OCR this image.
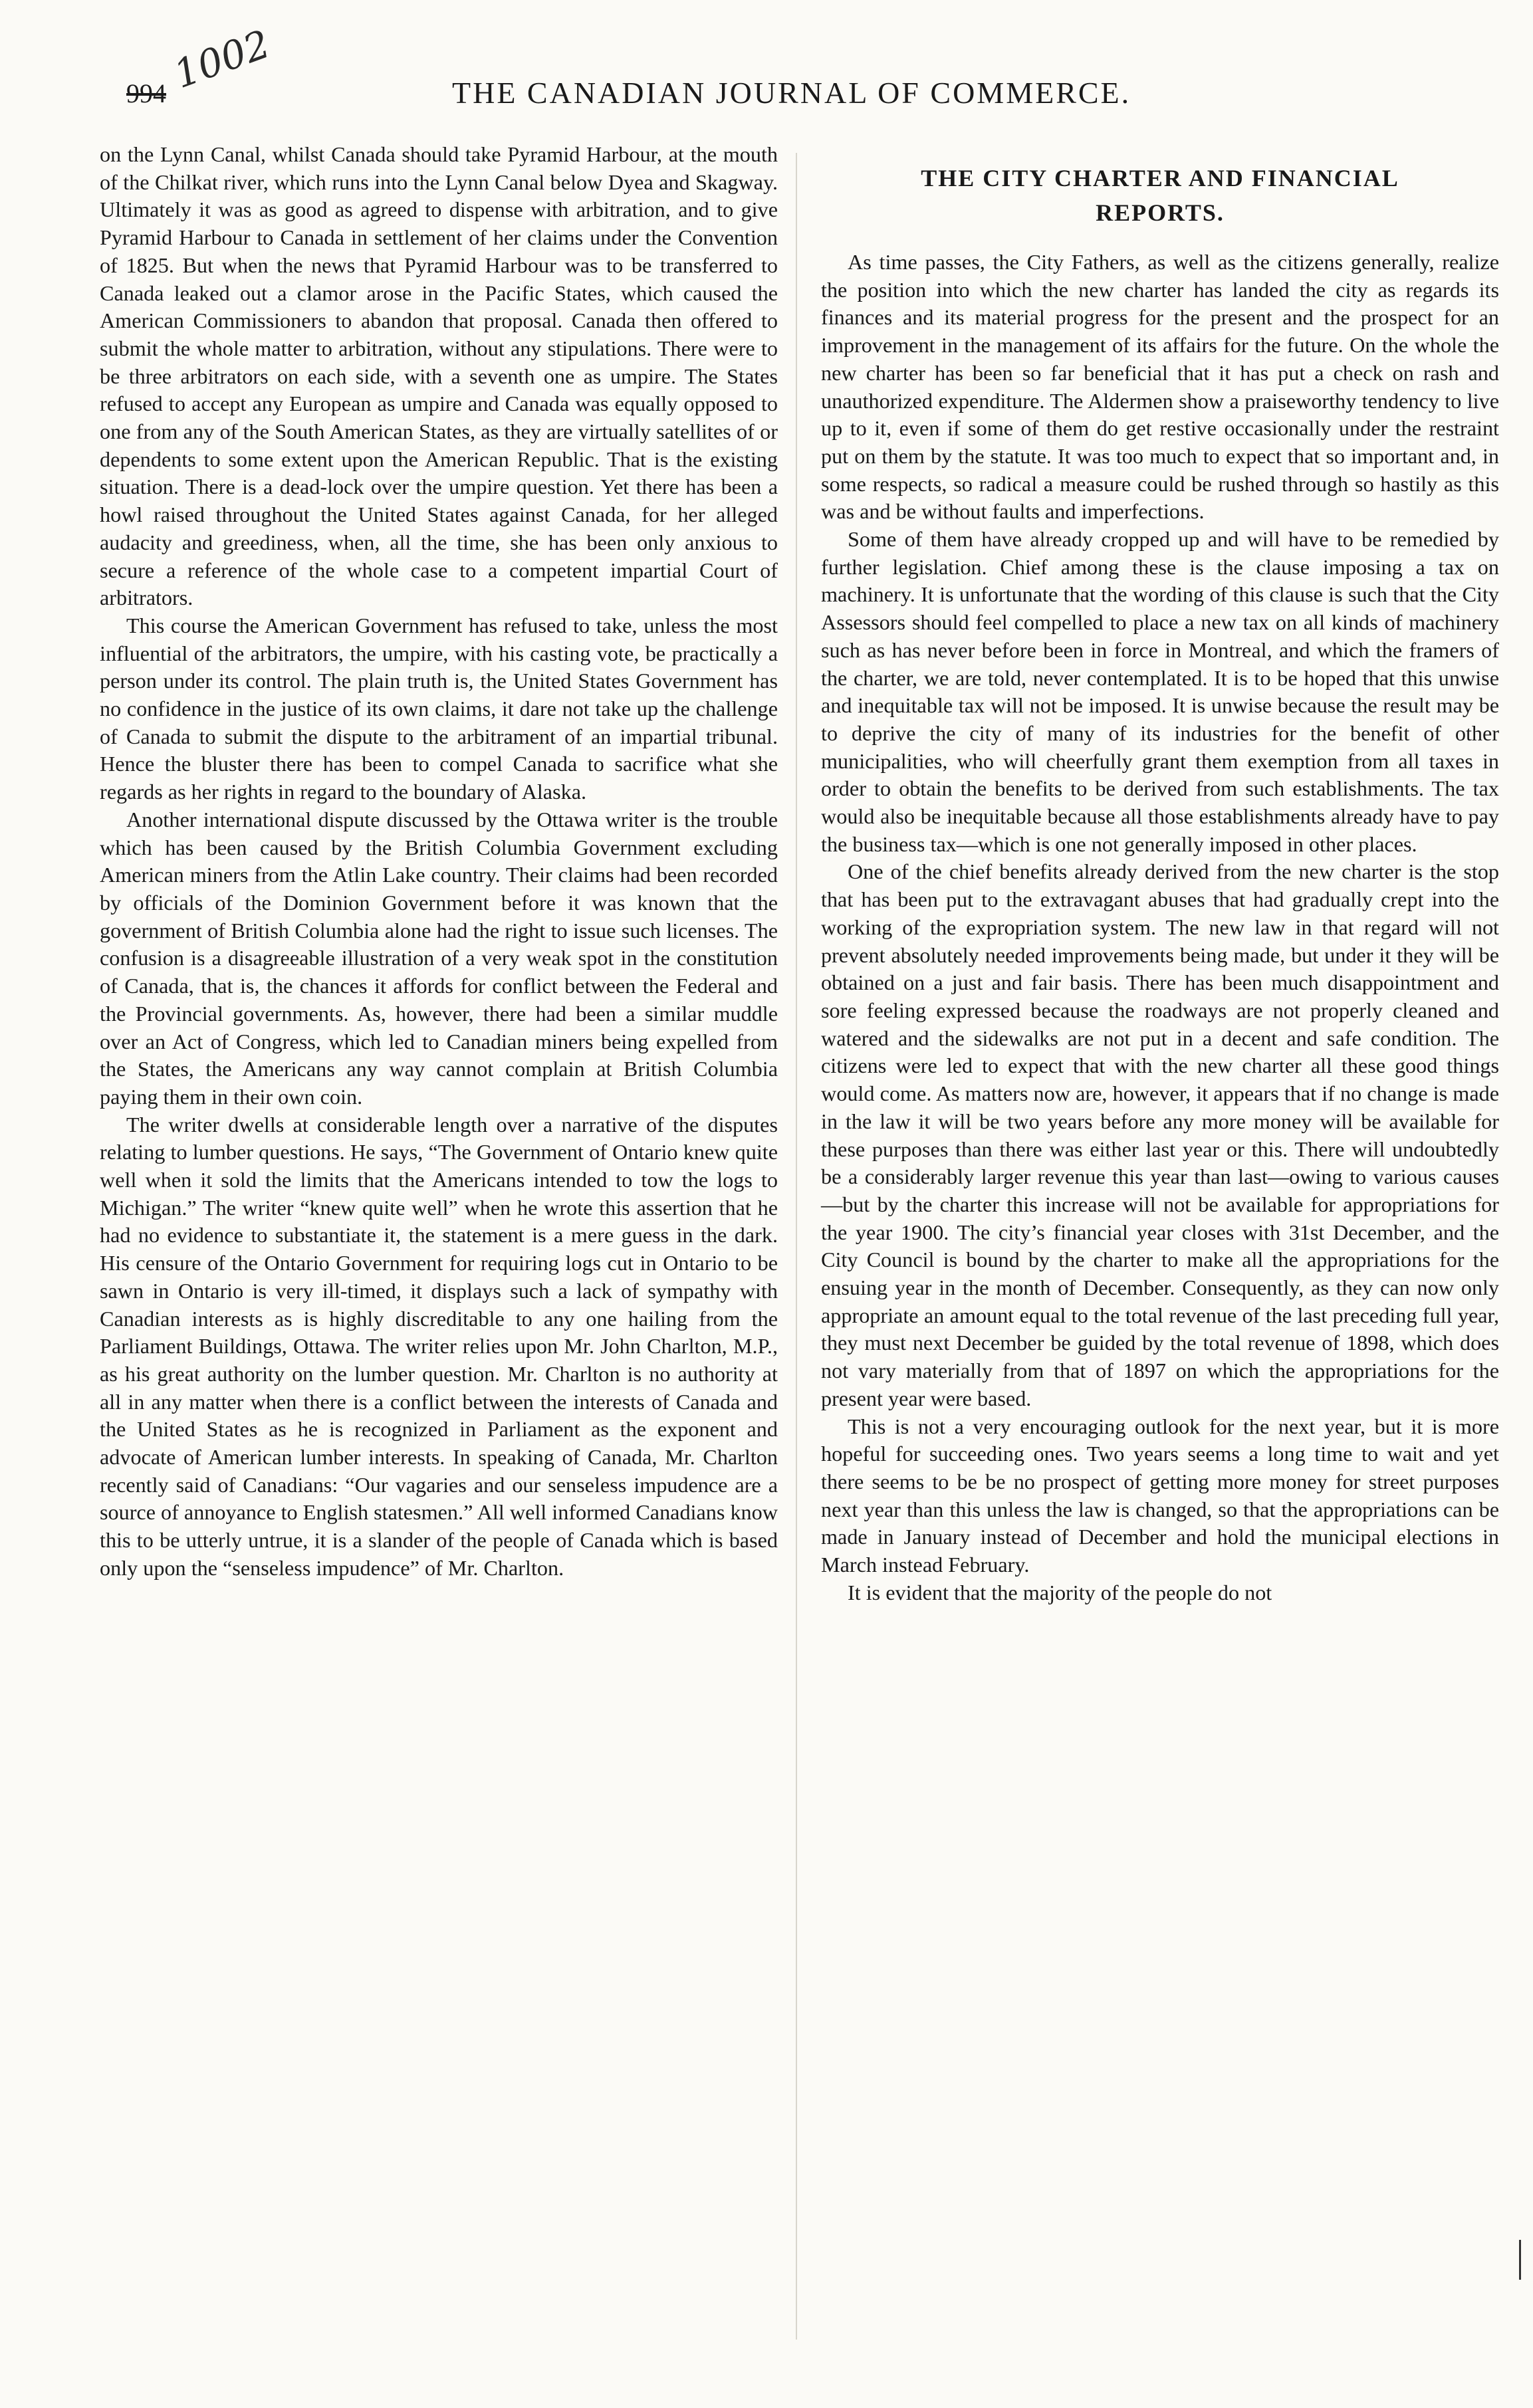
994 1002	THE CANADIAN JOURNAL OF COMMERCE.

on the Lynn Canal, whilst Canada should take Pyramid Harbour, at the mouth of the Chilkat river, which runs into the Lynn Canal below Dyea and Skagway. Ultimately it was as good as agreed to dispense with arbitration, and to give Pyramid Harbour to Canada in settlement of her claims under the Convention of 1825. But when the news that Pyramid Harbour was to be transferred to Canada leaked out a clamor arose in the Pacific States, which caused the American Commissioners to abandon that proposal. Canada then offered to submit the whole matter to arbitration, without any stipulations. There were to be three arbitrators on each side, with a seventh one as umpire. The States refused to accept any European as umpire and Canada was equally opposed to one from any of the South American States, as they are virtually satellites of or dependents to some extent upon the American Republic. That is the existing situation. There is a dead-lock over the umpire question. Yet there has been a howl raised throughout the United States against Canada, for her alleged audacity and greediness, when, all the time, she has been only anxious to secure a reference of the whole case to a competent impartial Court of arbitrators.

This course the American Government has refused to take, unless the most influential of the arbitrators, the umpire, with his casting vote, be practically a person under its control. The plain truth is, the United States Government has no confidence in the justice of its own claims, it dare not take up the challenge of Canada to submit the dispute to the arbitrament of an impartial tribunal. Hence the bluster there has been to compel Canada to sacrifice what she regards as her rights in regard to the boundary of Alaska.

Another international dispute discussed by the Ottawa writer is the trouble which has been caused by the British Columbia Government excluding American miners from the Atlin Lake country. Their claims had been recorded by officials of the Dominion Government before it was known that the government of British Columbia alone had the right to issue such licenses. The confusion is a disagreeable illustration of a very weak spot in the constitution of Canada, that is, the chances it affords for conflict between the Federal and the Provincial governments. As, however, there had been a similar muddle over an Act of Congress, which led to Canadian miners being expelled from the States, the Americans any way cannot complain at British Columbia paying them in their own coin.

The writer dwells at considerable length over a narrative of the disputes relating to lumber questions. He says, “The Government of Ontario knew quite well when it sold the limits that the Americans intended to tow the logs to Michigan.” The writer “knew quite well” when he wrote this assertion that he had no evidence to substantiate it, the statement is a mere guess in the dark. His censure of the Ontario Government for requiring logs cut in Ontario to be sawn in Ontario is very ill-timed, it displays such a lack of sympathy with Canadian interests as is highly discreditable to any one hailing from the Parliament Buildings, Ottawa. The writer relies upon Mr. John Charlton, M.P., as his great authority on the lumber question. Mr. Charlton is no authority at all in any matter when there is a conflict between the interests of Canada and the United States as he is recognized in Parliament as the exponent and advocate of American lumber interests. In speaking of Canada, Mr. Charlton recently said of Canadians: “Our vagaries and our senseless impudence are a source of annoyance to English statesmen.” All well informed Canadians know this to be utterly untrue, it is a slander of the people of Canada which is based only upon the “senseless impudence” of Mr. Charlton.

THE CITY CHARTER AND FINANCIAL
REPORTS.

As time passes, the City Fathers, as well as the citizens generally, realize the position into which the new charter has landed the city as regards its finances and its material progress for the present and the prospect for an improvement in the management of its affairs for the future. On the whole the new charter has been so far beneficial that it has put a check on rash and unauthorized expenditure. The Aldermen show a praiseworthy tendency to live up to it, even if some of them do get restive occasionally under the restraint put on them by the statute. It was too much to expect that so important and, in some respects, so radical a measure could be rushed through so hastily as this was and be without faults and imperfections.

Some of them have already cropped up and will have to be remedied by further legislation. Chief among these is the clause imposing a tax on machinery. It is unfortunate that the wording of this clause is such that the City Assessors should feel compelled to place a new tax on all kinds of machinery such as has never before been in force in Montreal, and which the framers of the charter, we are told, never contemplated. It is to be hoped that this unwise and inequitable tax will not be imposed. It is unwise because the result may be to deprive the city of many of its industries for the benefit of other municipalities, who will cheerfully grant them exemption from all taxes in order to obtain the benefits to be derived from such establishments. The tax would also be inequitable because all those establishments already have to pay the business tax—which is one not generally imposed in other places.

One of the chief benefits already derived from the new charter is the stop that has been put to the extravagant abuses that had gradually crept into the working of the expropriation system. The new law in that regard will not prevent absolutely needed improvements being made, but under it they will be obtained on a just and fair basis. There has been much disappointment and sore feeling expressed because the roadways are not properly cleaned and watered and the sidewalks are not put in a decent and safe condition. The citizens were led to expect that with the new charter all these good things would come. As matters now are, however, it appears that if no change is made in the law it will be two years before any more money will be available for these purposes than there was either last year or this. There will undoubtedly be a considerably larger revenue this year than last—owing to various causes—but by the charter this increase will not be available for appropriations for the year 1900. The city’s financial year closes with 31st December, and the City Council is bound by the charter to make all the appropriations for the ensuing year in the month of December. Consequently, as they can now only appropriate an amount equal to the total revenue of the last preceding full year, they must next December be guided by the total revenue of 1898, which does not vary materially from that of 1897 on which the appropriations for the present year were based.

This is not a very encouraging outlook for the next year, but it is more hopeful for succeeding ones. Two years seems a long time to wait and yet there seems to be be no prospect of getting more money for street purposes next year than this unless the law is changed, so that the appropriations can be made in January instead of December and hold the municipal elections in March instead February.

It is evident that the majority of the people do not
